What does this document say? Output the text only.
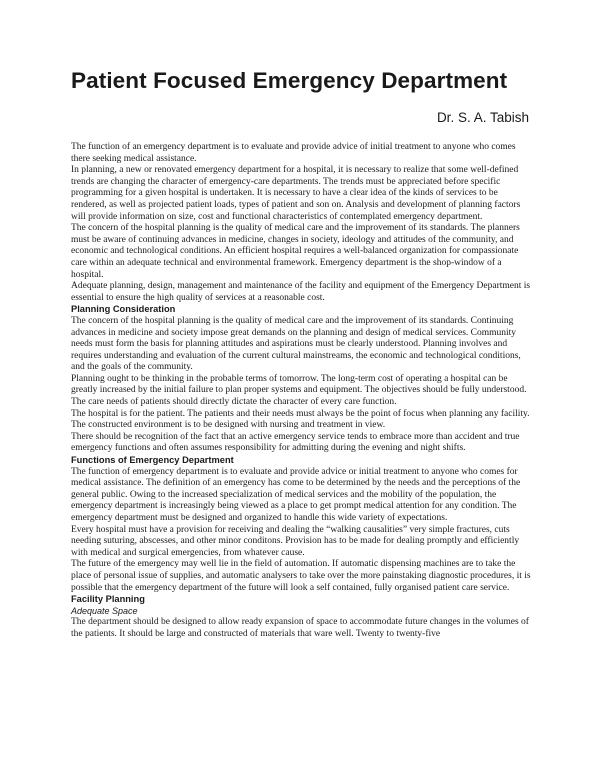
Patient Focused Emergency Department
Dr. S. A. Tabish

The function of an emergency department is to evaluate and provide advice of initial treatment to anyone who comes there seeking medical assistance.

In planning, a new or renovated emergency department for a hospital, it is necessary to realize that some well-defined trends are changing the character of emergency-care departments. The trends must be appreciated before specific programming for a given hospital is undertaken. It is necessary to have a clear idea of the kinds of services to be rendered, as well as projected patient loads, types of patient and son on. Analysis and development of planning factors will provide information on size, cost and functional characteristics of contemplated emergency department.

The concern of the hospital planning is the quality of medical care and the improvement of its standards. The planners must be aware of continuing advances in medicine, changes in society, ideology and attitudes of the community, and economic and technological conditions. An efficient hospital requires a well-balanced organization for compassionate care within an adequate technical and environmental framework. Emergency department is the shop-window of a hospital.

Adequate planning, design, management and maintenance of the facility and equipment of the Emergency Department is essential to ensure the high quality of services at a reasonable cost.

Planning Consideration

The concern of the hospital planning is the quality of medical care and the improvement of its standards. Continuing advances in medicine and society impose great demands on the planning and design of medical services. Community needs must form the basis for planning attitudes and aspirations must be clearly understood. Planning involves and requires understanding and evaluation of the current cultural mainstreams, the economic and technological conditions, and the goals of the community.

Planning ought to be thinking in the probable terms of tomorrow. The long-term cost of operating a hospital can be greatly increased by the initial failure to plan proper systems and equipment. The objectives should be fully understood. The care needs of patients should directly dictate the character of every care function.

The hospital is for the patient. The patients and their needs must always be the point of focus when planning any facility. The constructed environment is to be designed with nursing and treatment in view.

There should be recognition of the fact that an active emergency service tends to embrace more than accident and true emergency functions and often assumes responsibility for admitting during the evening and night shifts.

Functions of Emergency Department

The function of emergency department is to evaluate and provide advice or initial treatment to anyone who comes for medical assistance. The definition of an emergency has come to be determined by the needs and the perceptions of the general public. Owing to the increased specialization of medical services and the mobility of the population, the emergency department is increasingly being viewed as a place to get prompt medical attention for any condition. The emergency department must be designed and organized to handle this wide variety of expectations.

Every hospital must have a provision for receiving and dealing the “walking causalities” very simple fractures, cuts needing suturing, abscesses, and other minor conditons. Provision has to be made for dealing promptly and efficiently with medical and surgical emergencies, from whatever cause.

The future of the emergency may well lie in the field of automation. If automatic dispensing machines are to take the place of personal issue of supplies, and automatic analysers to take over the more painstaking diagnostic procedures, it is possible that the emergency department of the future will look a self contained, fully organised patient care service.

Facility Planning
Adequate Space

The department should be designed to allow ready expansion of space to accommodate future changes in the volumes of the patients. It should be large and constructed of materials that ware well. Twenty to twenty-five
